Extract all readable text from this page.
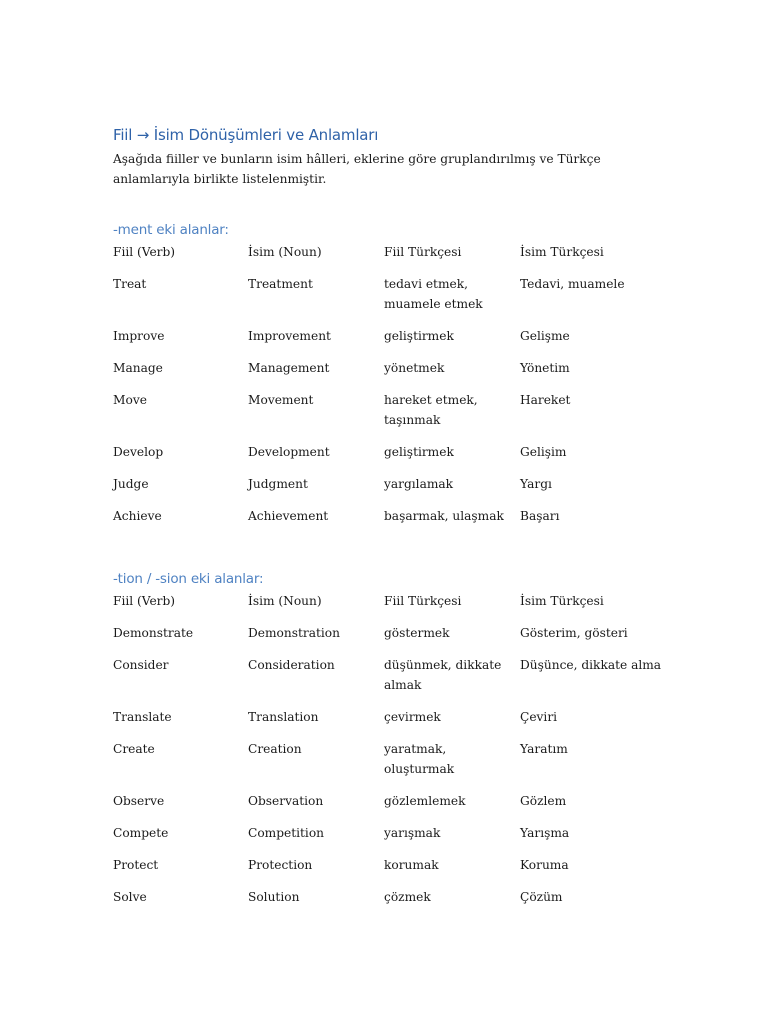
Fiil → İsim Dönüşümleri ve Anlamları

Aşağıda fiiller ve bunların isim hâlleri, eklerine göre gruplandırılmış ve Türkçe anlamlarıyla birlikte listelenmiştir.

-ment eki alanlar:
Fiil (Verb)	İsim (Noun)	Fiil Türkçesi	İsim Türkçesi
Treat	Treatment	tedavi etmek, muamele etmek	Tedavi, muamele
Improve	Improvement	geliştirmek	Gelişme
Manage	Management	yönetmek	Yönetim
Move	Movement	hareket etmek, taşınmak	Hareket
Develop	Development	geliştirmek	Gelişim
Judge	Judgment	yargılamak	Yargı
Achieve	Achievement	başarmak, ulaşmak	Başarı
-tion / -sion eki alanlar:
Fiil (Verb)	İsim (Noun)	Fiil Türkçesi	İsim Türkçesi
Demonstrate	Demonstration	göstermek	Gösterim, gösteri
Consider	Consideration	düşünmek, dikkate almak	Düşünce, dikkate alma
Translate	Translation	çevirmek	Çeviri
Create	Creation	yaratmak, oluşturmak	Yaratım
Observe	Observation	gözlemlemek	Gözlem
Compete	Competition	yarışmak	Yarışma
Protect	Protection	korumak	Koruma
Solve	Solution	çözmek	Çözüm
